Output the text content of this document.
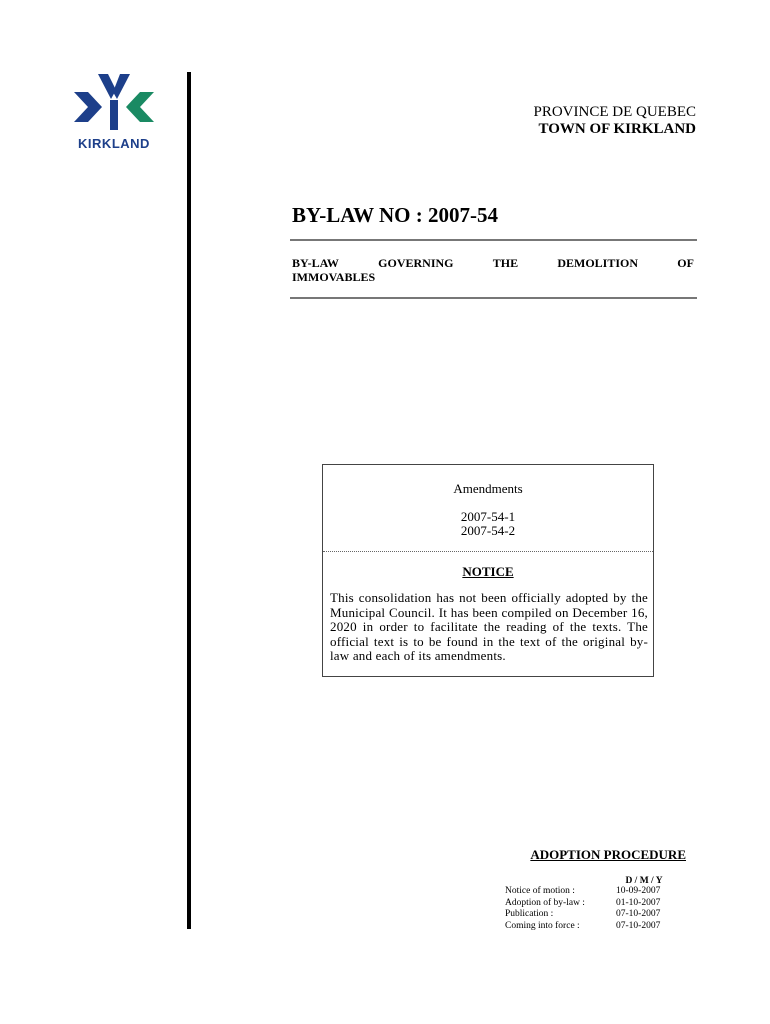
KIRKLAND
PROVINCE DE QUEBEC
TOWN OF KIRKLAND
BY-LAW NO : 2007-54
BY-LAW	GOVERNING	THE	DEMOLITION	OF
IMMOVABLES
Amendments
2007-54-1
2007-54-2
NOTICE
This consolidation has not been officially adopted by the Municipal Council. It has been compiled on December 16, 2020 in order to facilitate the reading of the texts. The official text is to be found in the text of the original by-law and each of its amendments.
ADOPTION PROCEDURE
D / M / Y
Notice of motion :	10-09-2007
Adoption of by-law :	01-10-2007
Publication :	07-10-2007
Coming into force :	07-10-2007
